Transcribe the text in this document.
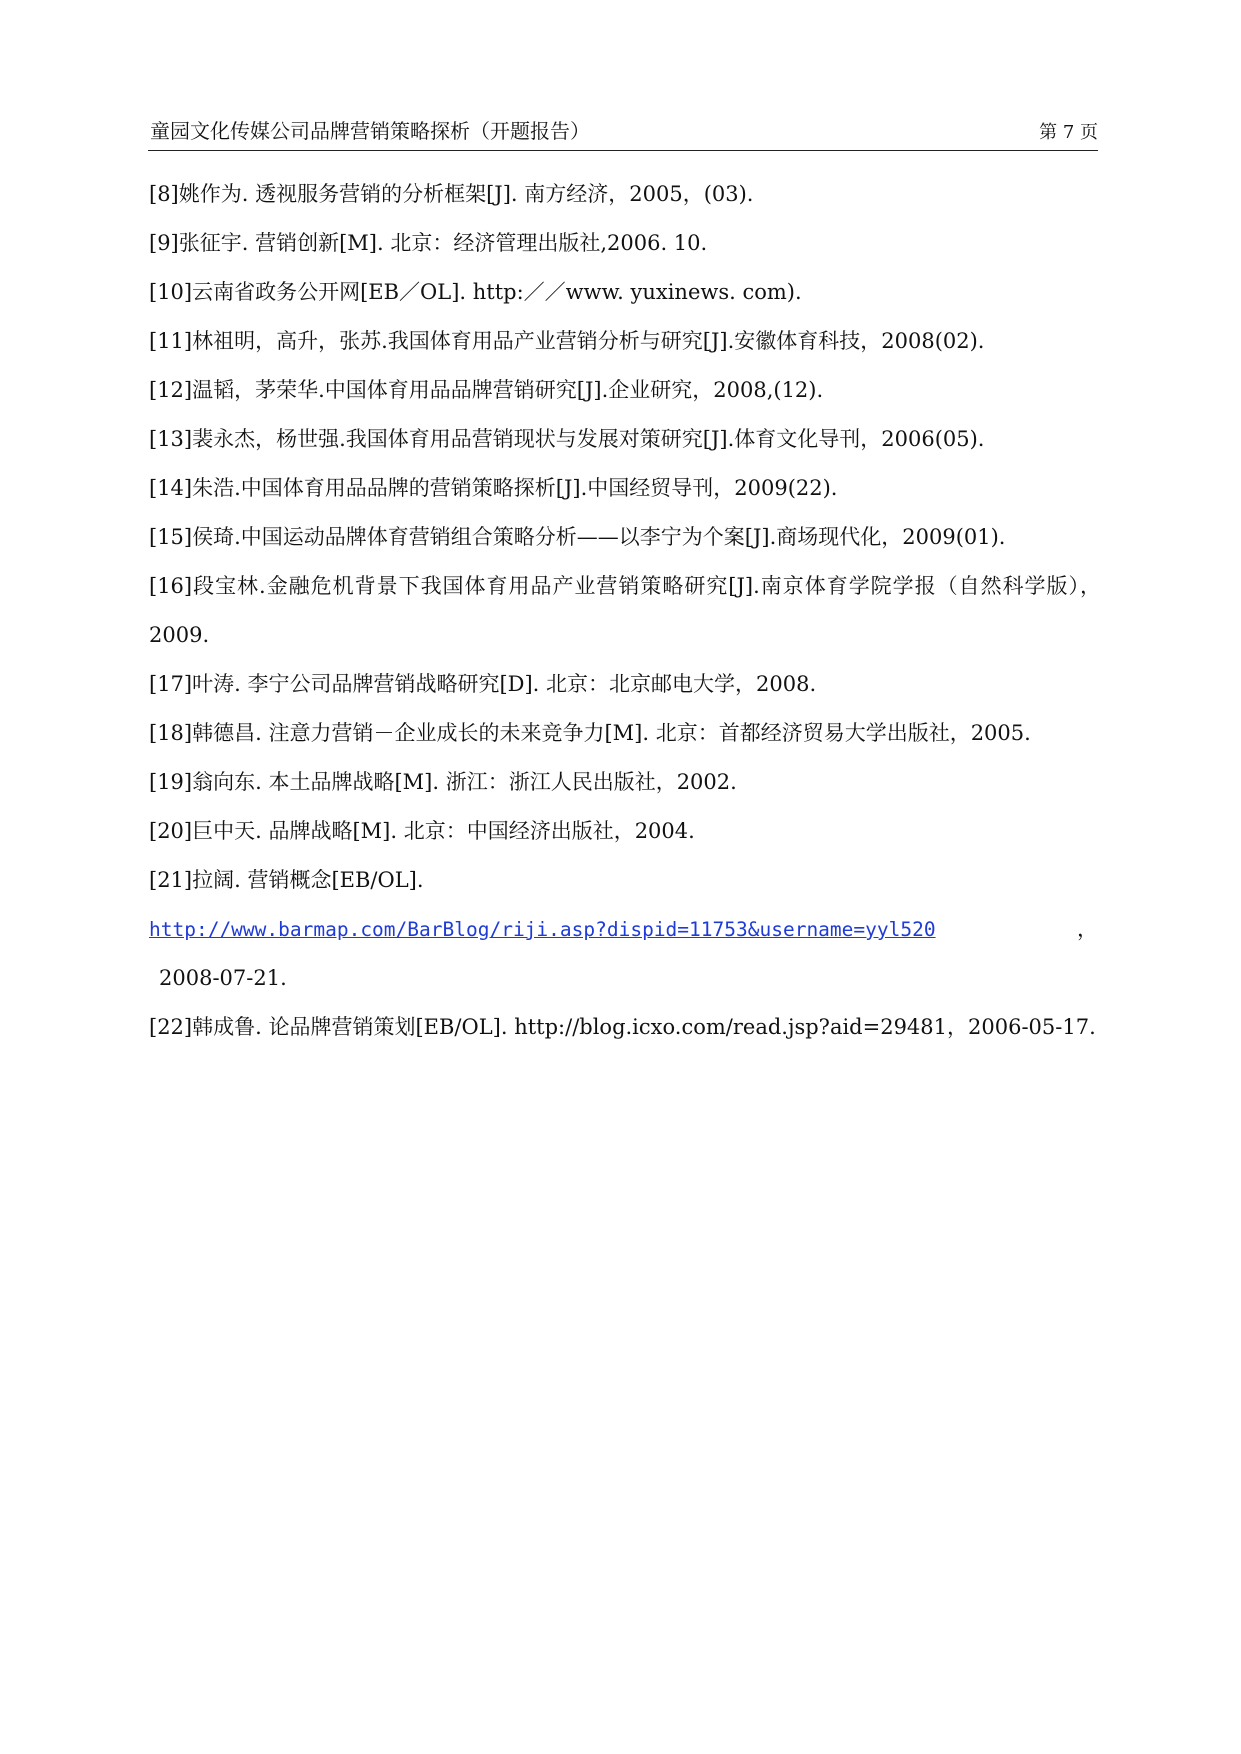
童园文化传媒公司品牌营销策略探析（开题报告）	第 7 页
[8]姚作为. 透视服务营销的分析框架[J]. 南方经济，2005，(03).
[9]张征宇. 营销创新[M]. 北京：经济管理出版社,2006. 10.
[10]云南省政务公开网[EB／OL]. http:／／www. yuxinews. com).
[11]林祖明，高升，张苏.我国体育用品产业营销分析与研究[J].安徽体育科技，2008(02).
[12]温韬，茅荣华.中国体育用品品牌营销研究[J].企业研究，2008,(12).
[13]裴永杰，杨世强.我国体育用品营销现状与发展对策研究[J].体育文化导刊，2006(05).
[14]朱浩.中国体育用品品牌的营销策略探析[J].中国经贸导刊，2009(22).
[15]侯琦.中国运动品牌体育营销组合策略分析——以李宁为个案[J].商场现代化，2009(01).
[16]段宝林.金融危机背景下我国体育用品产业营销策略研究[J].南京体育学院学报（自然科学版），2009.
[17]叶涛. 李宁公司品牌营销战略研究[D]. 北京：北京邮电大学，2008.
[18]韩德昌. 注意力营销－企业成长的未来竞争力[M]. 北京：首都经济贸易大学出版社，2005.
[19]翁向东. 本土品牌战略[M]. 浙江：浙江人民出版社，2002.
[20]巨中天. 品牌战略[M]. 北京：中国经济出版社，2004.
[21]拉阔. 营销概念[EB/OL].
http://www.barmap.com/BarBlog/riji.asp?dispid=11753&username=yyl520	，
2008-07-21.
[22]韩成鲁. 论品牌营销策划[EB/OL]. http://blog.icxo.com/read.jsp?aid=29481，2006-05-17.
